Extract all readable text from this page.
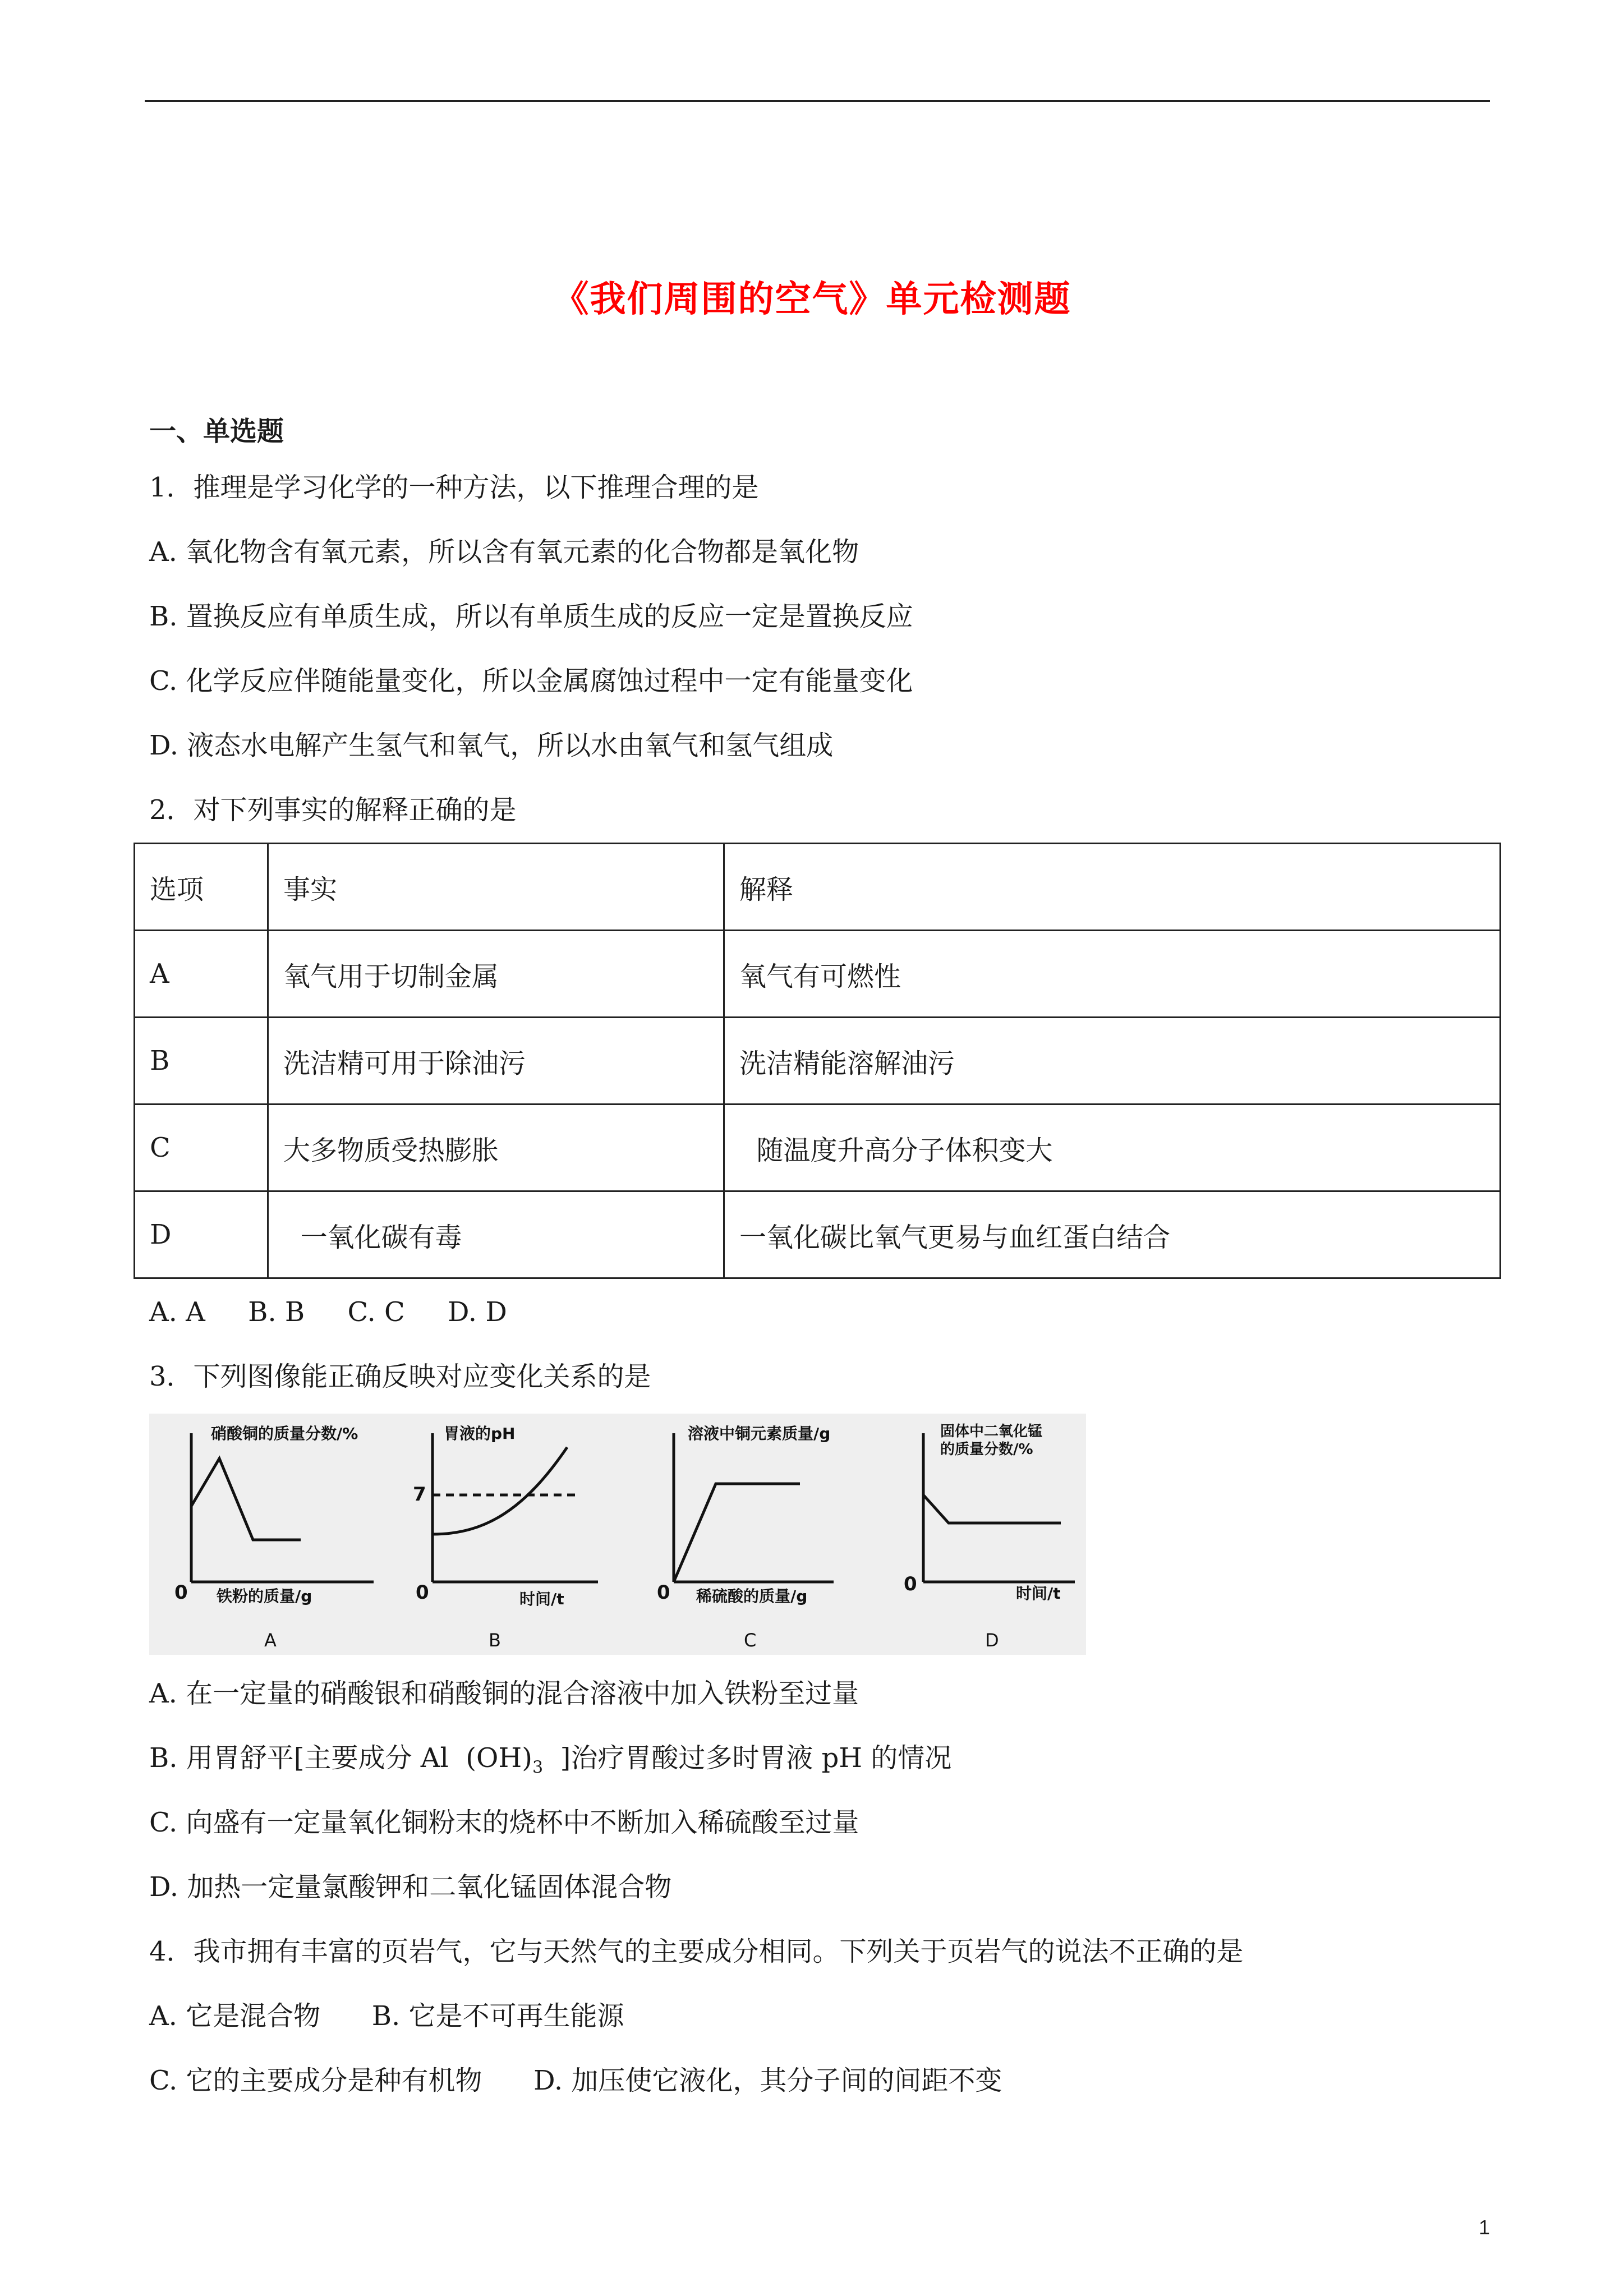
《我们周围的空气》单元检测题
一、单选题
1．推理是学习化学的一种方法，以下推理合理的是
A. 氧化物含有氧元素，所以含有氧元素的化合物都是氧化物
B. 置换反应有单质生成，所以有单质生成的反应一定是置换反应
C. 化学反应伴随能量变化，所以金属腐蚀过程中一定有能量变化
D. 液态水电解产生氢气和氧气，所以水由氧气和氢气组成
2．对下列事实的解释正确的是
选项	事实	解释
A	氧气用于切制金属	氧气有可燃性
B	洗洁精可用于除油污	洗洁精能溶解油污
C	大多物质受热膨胀	随温度升高分子体积变大
D	一氧化碳有毒	一氧化碳比氧气更易与血红蛋白结合
A. A     B. B     C. C     D. D
3．下列图像能正确反映对应变化关系的是
硝酸铜的质量分数/%
铁粉的质量/g
0
A
胃液的pH
7
时间/t
0
B
溶液中铜元素质量/g
稀硫酸的质量/g
0
C
固体中二氧化锰
的质量分数/%
时间/t
0
D
A. 在一定量的硝酸银和硝酸铜的混合溶液中加入铁粉至过量
B. 用胃舒平[主要成分 Al  $(OH)_3$  ]治疗胃酸过多时胃液 pH 的情况
C. 向盛有一定量氧化铜粉末的烧杯中不断加入稀硫酸至过量
D. 加热一定量氯酸钾和二氧化锰固体混合物
4．我市拥有丰富的页岩气，它与天然气的主要成分相同。下列关于页岩气的说法不正确的是
A. 它是混合物      B. 它是不可再生能源
C. 它的主要成分是种有机物      D. 加压使它液化，其分子间的间距不变
1
